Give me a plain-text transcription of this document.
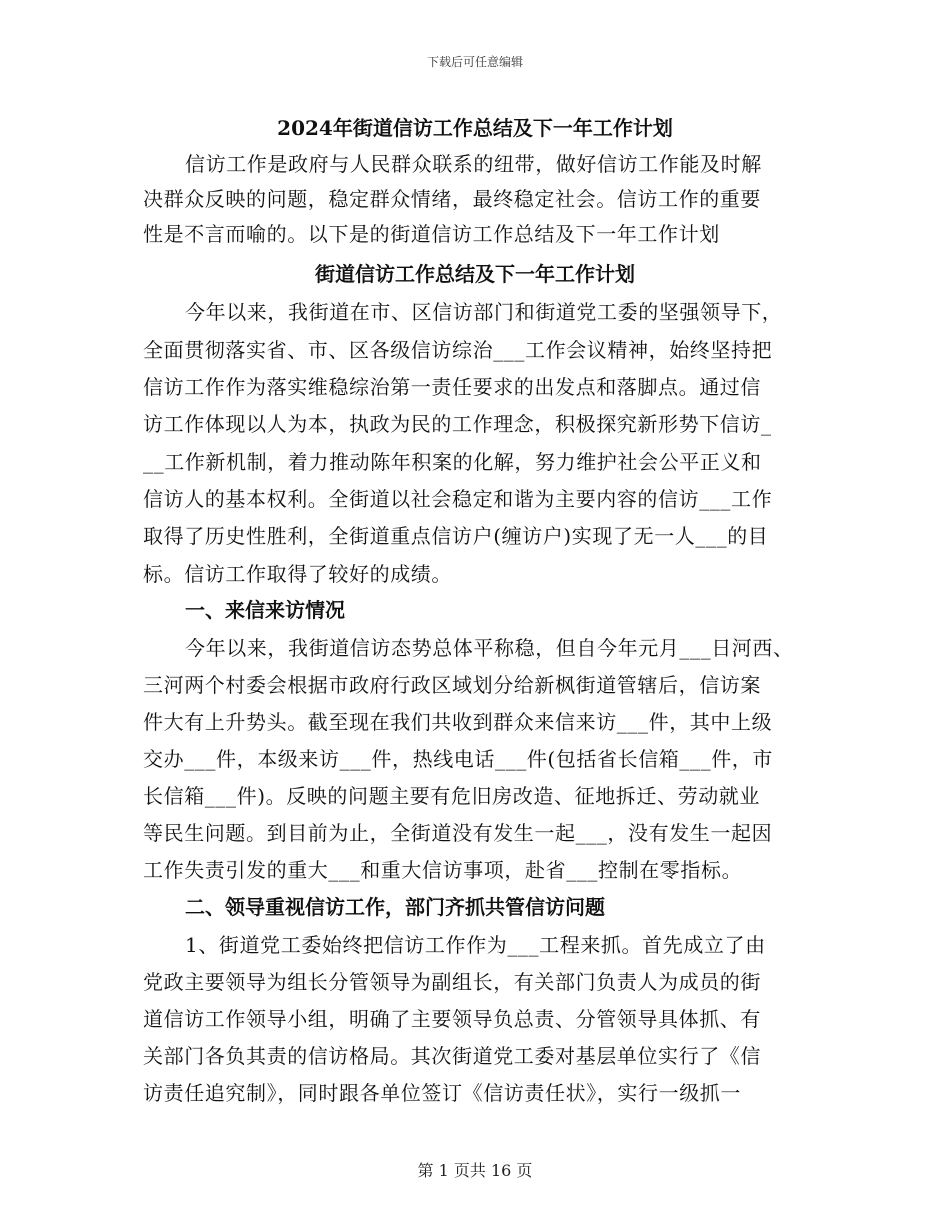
下载后可任意编辑
2024年街道信访工作总结及下一年工作计划
信访工作是政府与人民群众联系的纽带，做好信访工作能及时解
决群众反映的问题，稳定群众情绪，最终稳定社会。信访工作的重要
性是不言而喻的。以下是的街道信访工作总结及下一年工作计划
街道信访工作总结及下一年工作计划
今年以来，我街道在市、区信访部门和街道党工委的坚强领导下，
全面贯彻落实省、市、区各级信访综治___工作会议精神，始终坚持把
信访工作作为落实维稳综治第一责任要求的出发点和落脚点。通过信
访工作体现以人为本，执政为民的工作理念，积极探究新形势下信访_
__工作新机制，着力推动陈年积案的化解，努力维护社会公平正义和
信访人的基本权利。全街道以社会稳定和谐为主要内容的信访___工作
取得了历史性胜利，全街道重点信访户(缠访户)实现了无一人___的目
标。信访工作取得了较好的成绩。
一、来信来访情况
今年以来，我街道信访态势总体平称稳，但自今年元月___日河西、
三河两个村委会根据市政府行政区域划分给新枫街道管辖后，信访案
件大有上升势头。截至现在我们共收到群众来信来访___件，其中上级
交办___件，本级来访___件，热线电话___件(包括省长信箱___件，市
长信箱___件)。反映的问题主要有危旧房改造、征地拆迁、劳动就业
等民生问题。到目前为止，全街道没有发生一起___，没有发生一起因
工作失责引发的重大___和重大信访事项，赴省___控制在零指标。
二、领导重视信访工作，部门齐抓共管信访问题
1、街道党工委始终把信访工作作为___工程来抓。首先成立了由
党政主要领导为组长分管领导为副组长，有关部门负责人为成员的街
道信访工作领导小组，明确了主要领导负总责、分管领导具体抓、有
关部门各负其责的信访格局。其次街道党工委对基层单位实行了《信
访责任追究制》，同时跟各单位签订《信访责任状》，实行一级抓一
第 1 页共 16 页
